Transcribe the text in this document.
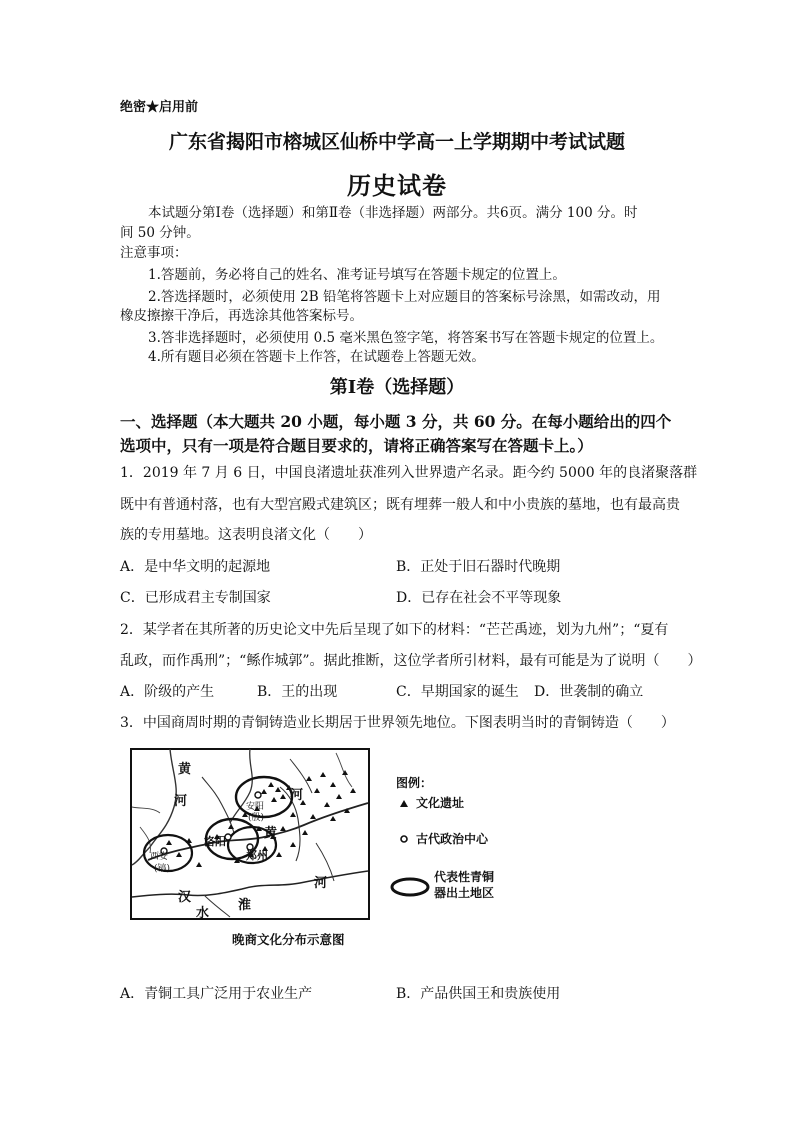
绝密★启用前
广东省揭阳市榕城区仙桥中学高一上学期期中考试试题
历史试卷
本试题分第Ⅰ卷（选择题）和第Ⅱ卷（非选择题）两部分。共6页。满分 100 分。时
间 50 分钟。
注意事项：
1.答题前，务必将自己的姓名、准考证号填写在答题卡规定的位置上。
2.答选择题时，必须使用 2B 铅笔将答题卡上对应题目的答案标号涂黑，如需改动，用
橡皮擦擦干净后，再选涂其他答案标号。
3.答非选择题时，必须使用 0.5 毫米黑色签字笔，将答案书写在答题卡规定的位置上。
4.所有题目必须在答题卡上作答，在试题卷上答题无效。
第Ⅰ卷（选择题）
一、选择题（本大题共 20 小题，每小题 3 分，共 60 分。在每小题给出的四个
选项中，只有一项是符合题目要求的，请将正确答案写在答题卡上。）
1．2019 年 7 月 6 日，中国良渚遗址获准列入世界遗产名录。距今约 5000 年的良渚聚落群
既中有普通村落，也有大型宫殿式建筑区；既有埋葬一般人和中小贵族的墓地，也有最高贵
族的专用墓地。这表明良渚文化（　　）
A．是中华文明的起源地	B．正处于旧石器时代晚期
C．已形成君主专制国家	D．已存在社会不平等现象
2．某学者在其所著的历史论文中先后呈现了如下的材料：“芒芒禹迹，划为九州”；“夏有
乱政，而作禹刑”；“鲧作城郭”。据此推断，这位学者所引材料，最有可能是为了说明（　　）
A．阶级的产生	B．王的出现	C．早期国家的诞生 D．世袭制的确立
3．中国商周时期的青铜铸造业长期居于世界领先地位。下图表明当时的青铜铸造（　　）
黄
河	河
黄
河
汉
水
淮
安阳
(殷)
洛阳
郑州
西安
(镐)
图例：
文化遗址
古代政治中心
代表性青铜
器出土地区
晚商文化分布示意图
A．青铜工具广泛用于农业生产	B．产品供国王和贵族使用
